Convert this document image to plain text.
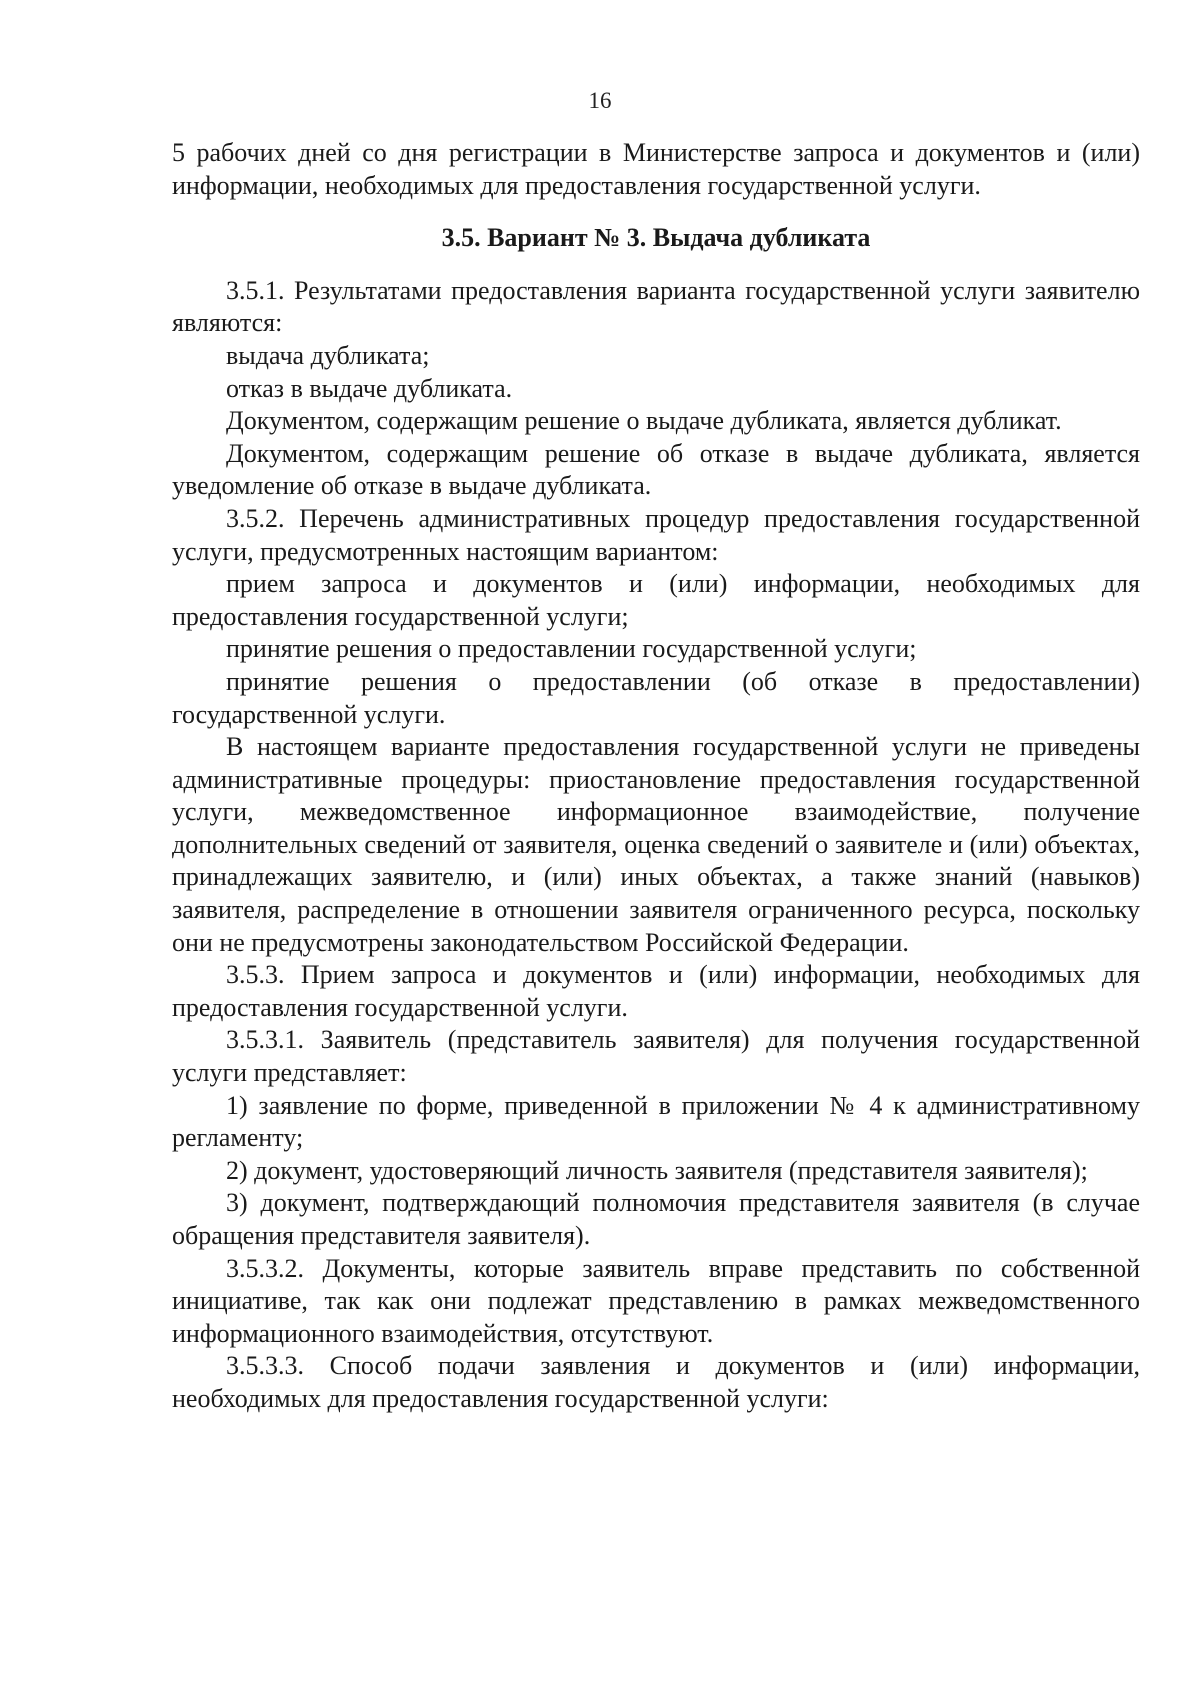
16

5 рабочих дней со дня регистрации в Министерстве запроса и документов и (или) информации, необходимых для предоставления государственной услуги.

3.5. Вариант № 3. Выдача дубликата

3.5.1. Результатами предоставления варианта государственной услуги заявителю являются:

выдача дубликата;

отказ в выдаче дубликата.

Документом, содержащим решение о выдаче дубликата, является дубликат.

Документом, содержащим решение об отказе в выдаче дубликата, является уведомление об отказе в выдаче дубликата.

3.5.2. Перечень административных процедур предоставления государственной услуги, предусмотренных настоящим вариантом:

прием запроса и документов и (или) информации, необходимых для предоставления государственной услуги;

принятие решения о предоставлении государственной услуги;

принятие решения о предоставлении (об отказе в предоставлении) государственной услуги.

В настоящем варианте предоставления государственной услуги не приведены административные процедуры: приостановление предоставления государственной услуги, межведомственное информационное взаимодействие, получение дополнительных сведений от заявителя, оценка сведений о заявителе и (или) объектах, принадлежащих заявителю, и (или) иных объектах, а также знаний (навыков) заявителя, распределение в отношении заявителя ограниченного ресурса, поскольку они не предусмотрены законодательством Российской Федерации.

3.5.3. Прием запроса и документов и (или) информации, необходимых для предоставления государственной услуги.

3.5.3.1. Заявитель (представитель заявителя) для получения государственной услуги представляет:

1) заявление по форме, приведенной в приложении № 4 к административному регламенту;

2) документ, удостоверяющий личность заявителя (представителя заявителя);

3) документ, подтверждающий полномочия представителя заявителя (в случае обращения представителя заявителя).

3.5.3.2. Документы, которые заявитель вправе представить по собственной инициативе, так как они подлежат представлению в рамках межведомственного информационного взаимодействия, отсутствуют.

3.5.3.3. Способ подачи заявления и документов и (или) информации, необходимых для предоставления государственной услуги:
